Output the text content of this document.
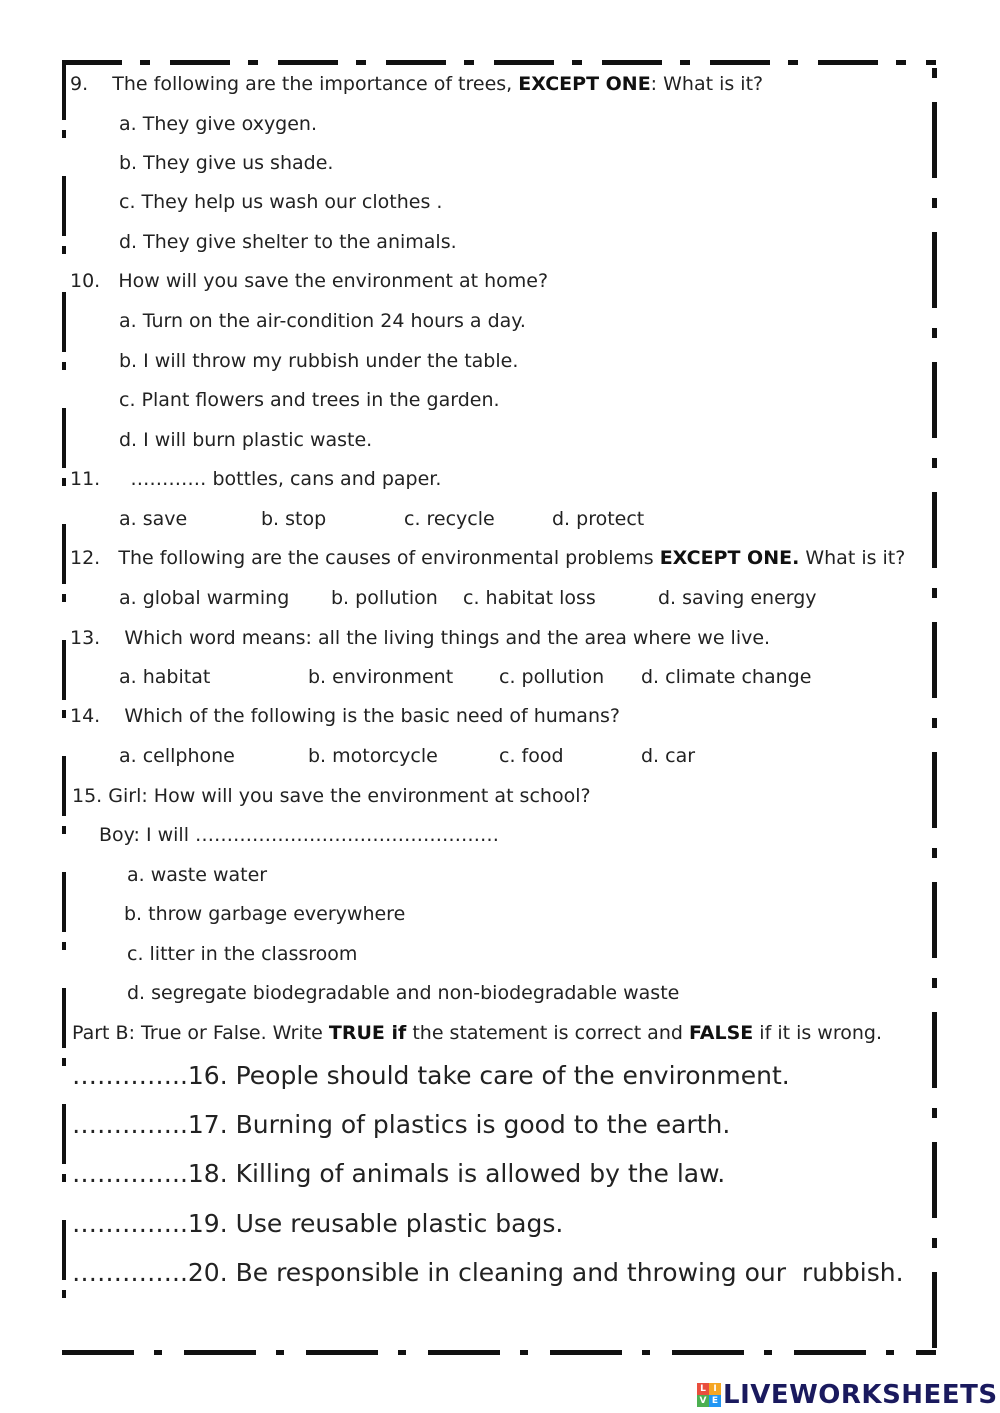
9.    The following are the importance of trees, EXCEPT ONE: What is it?
a. They give oxygen.
b. They give us shade.
c. They help us wash our clothes .
d. They give shelter to the animals.
10.   How will you save the environment at home?
a. Turn on the air-condition 24 hours a day.
b. I will throw my rubbish under the table.
c. Plant flowers and trees in the garden.
d. I will burn plastic waste.
11.     ………… bottles, cans and paper.
a. save	b. stop	c. recycle	d. protect
12.   The following are the causes of environmental problems EXCEPT ONE. What is it?
a. global warming b. pollution c. habitat loss	d. saving energy
13.    Which word means: all the living things and the area where we live.
a. habitat	b. environment c. pollution d. climate change
14.    Which of the following is the basic need of humans?
a. cellphone	b. motorcycle	c. food	d. car
15. Girl: How will you save the environment at school?
Boy: I will …………………………………………
a. waste water
b. throw garbage everywhere
c. litter in the classroom
d. segregate biodegradable and non-biodegradable waste
Part B: True or False. Write TRUE if the statement is correct and FALSE if it is wrong.
…………..16. People should take care of the environment.
…………..17. Burning of plastics is good to the earth.
…………..18. Killing of animals is allowed by the law.
…………..19. Use reusable plastic bags.
…………..20. Be responsible in cleaning and throwing our  rubbish.
L I
V E LIVEWORKSHEETS
